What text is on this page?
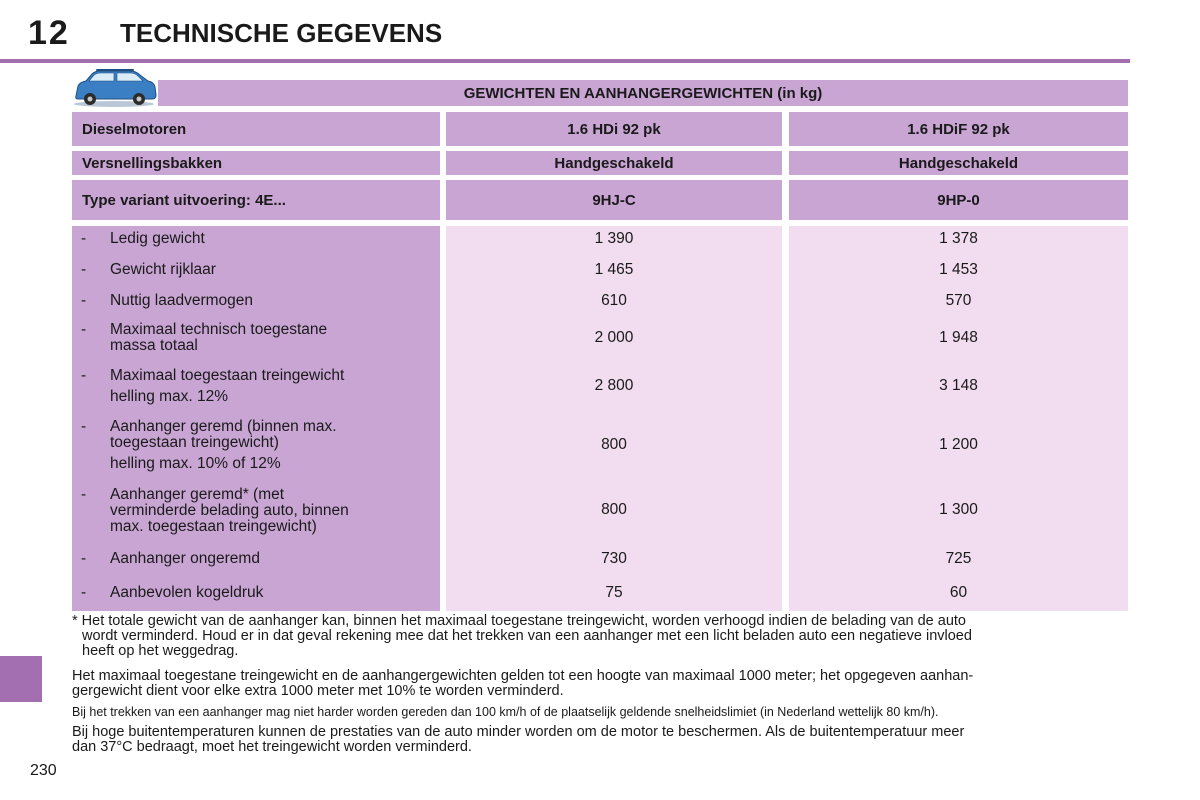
12 TECHNISCHE GEGEVENS
GEWICHTEN EN AANHANGERGEWICHTEN (in kg)
Dieselmotoren	1.6 HDi 92 pk	1.6 HDiF 92 pk
Versnellingsbakken	Handgeschakeld	Handgeschakeld
Type variant uitvoering: 4E...	9HJ-C	9HP-0
- Ledig gewicht	1 390	1 378
- Gewicht rijklaar	1 465	1 453
- Nuttig laadvermogen	610	570
- Maximaal technisch toegestane
massa totaal	2 000	1 948
- Maximaal toegestaan treingewicht
helling max. 12%
2 800	3 148
- Aanhanger geremd (binnen max.
toegestaan treingewicht)
helling max. 10% of 12%
800	1 200
- Aanhanger geremd* (met
verminderde belading auto, binnen
max. toegestaan treingewicht)
800	1 300
- Aanhanger ongeremd	730	725
- Aanbevolen kogeldruk	75	60

* Het totale gewicht van de aanhanger kan, binnen het maximaal toegestane treingewicht, worden verhoogd indien de belading van de auto
wordt verminderd. Houd er in dat geval rekening mee dat het trekken van een aanhanger met een licht beladen auto een negatieve invloed
heeft op het weggedrag.

Het maximaal toegestane treingewicht en de aanhangergewichten gelden tot een hoogte van maximaal 1000 meter; het opgegeven aanhan-
gergewicht dient voor elke extra 1000 meter met 10% te worden verminderd.

Bij het trekken van een aanhanger mag niet harder worden gereden dan 100 km/h of de plaatselijk geldende snelheidslimiet (in Nederland wettelijk 80 km/h).

Bij hoge buitentemperaturen kunnen de prestaties van de auto minder worden om de motor te beschermen. Als de buitentemperatuur meer
dan 37°C bedraagt, moet het treingewicht worden verminderd.

230
